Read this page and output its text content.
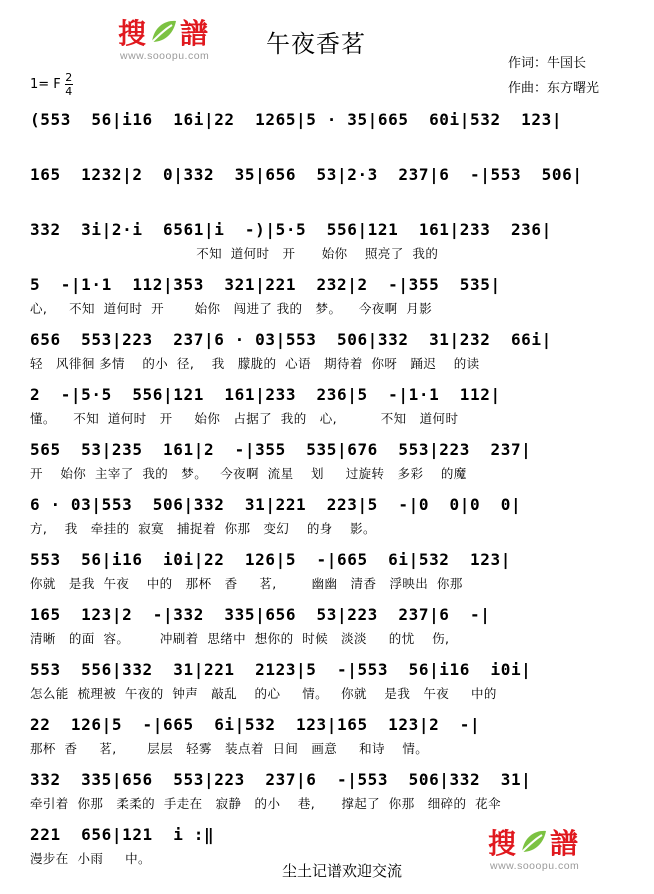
搜 譜
www.sooopu.com 午夜香茗
作词：牛国长
作曲：东方曙光
1= F $\frac{2}{4}$
(553  56|i16  16i|22  1265|5 · 35|665  60i|532  123|
165  1232|2  0|332  35|656  53|2·3  237|6  -|553  506|
332  3i|2·i  6561|i  -)|5·5  556|121  161|233  236|
不知  道何时   开      始你    照亮了  我的
5  -|1·1  112|353  321|221  232|2  -|355  535|
心,     不知  道何时  开       始你   闯进了 我的   梦。    今夜啊  月影
656  553|223  237|6 · 03|553  506|332  31|232  66i|
轻   风徘徊 多情    的小  径,    我   朦胧的  心语   期待着  你呀   踊迟    的读
2  -|5·5  556|121  161|233  236|5  -|1·1  112|
懂。    不知  道何时   开     始你   占据了  我的   心,          不知   道何时
565  53|235  161|2  -|355  535|676  553|223  237|
开    始你  主宰了  我的   梦。   今夜啊  流星    划     过旋转   多彩    的魔
6 · 03|553  506|332  31|221  223|5  -|0  0|0  0|
方,    我   牵挂的  寂寞   捕捉着  你那   变幻    的身    影。
553  56|i16  i0i|22  126|5  -|665  6i|532  123|
你就   是我  午夜    中的   那杯   香     茗,        幽幽   清香   浮映出  你那
165  123|2  -|332  335|656  53|223  237|6  -|
清晰   的面  容。       冲刷着  思绪中  想你的  时候   淡淡     的忧    伤,
553  556|332  31|221  2123|5  -|553  56|i16  i0i|
怎么能  梳理被  午夜的  钟声   敲乱    的心     情。   你就    是我   午夜     中的
22  126|5  -|665  6i|532  123|165  123|2  -|
那杯  香     茗,       层层   轻雾   装点着  日间   画意     和诗    情。
332  335|656  553|223  237|6  -|553  506|332  31|
牵引着  你那   柔柔的  手走在   寂静   的小    巷,      撑起了  你那   细碎的  花伞
221  656|121  i :‖
漫步在  小雨     中。
尘土记谱欢迎交流
搜 譜
www.sooopu.com
